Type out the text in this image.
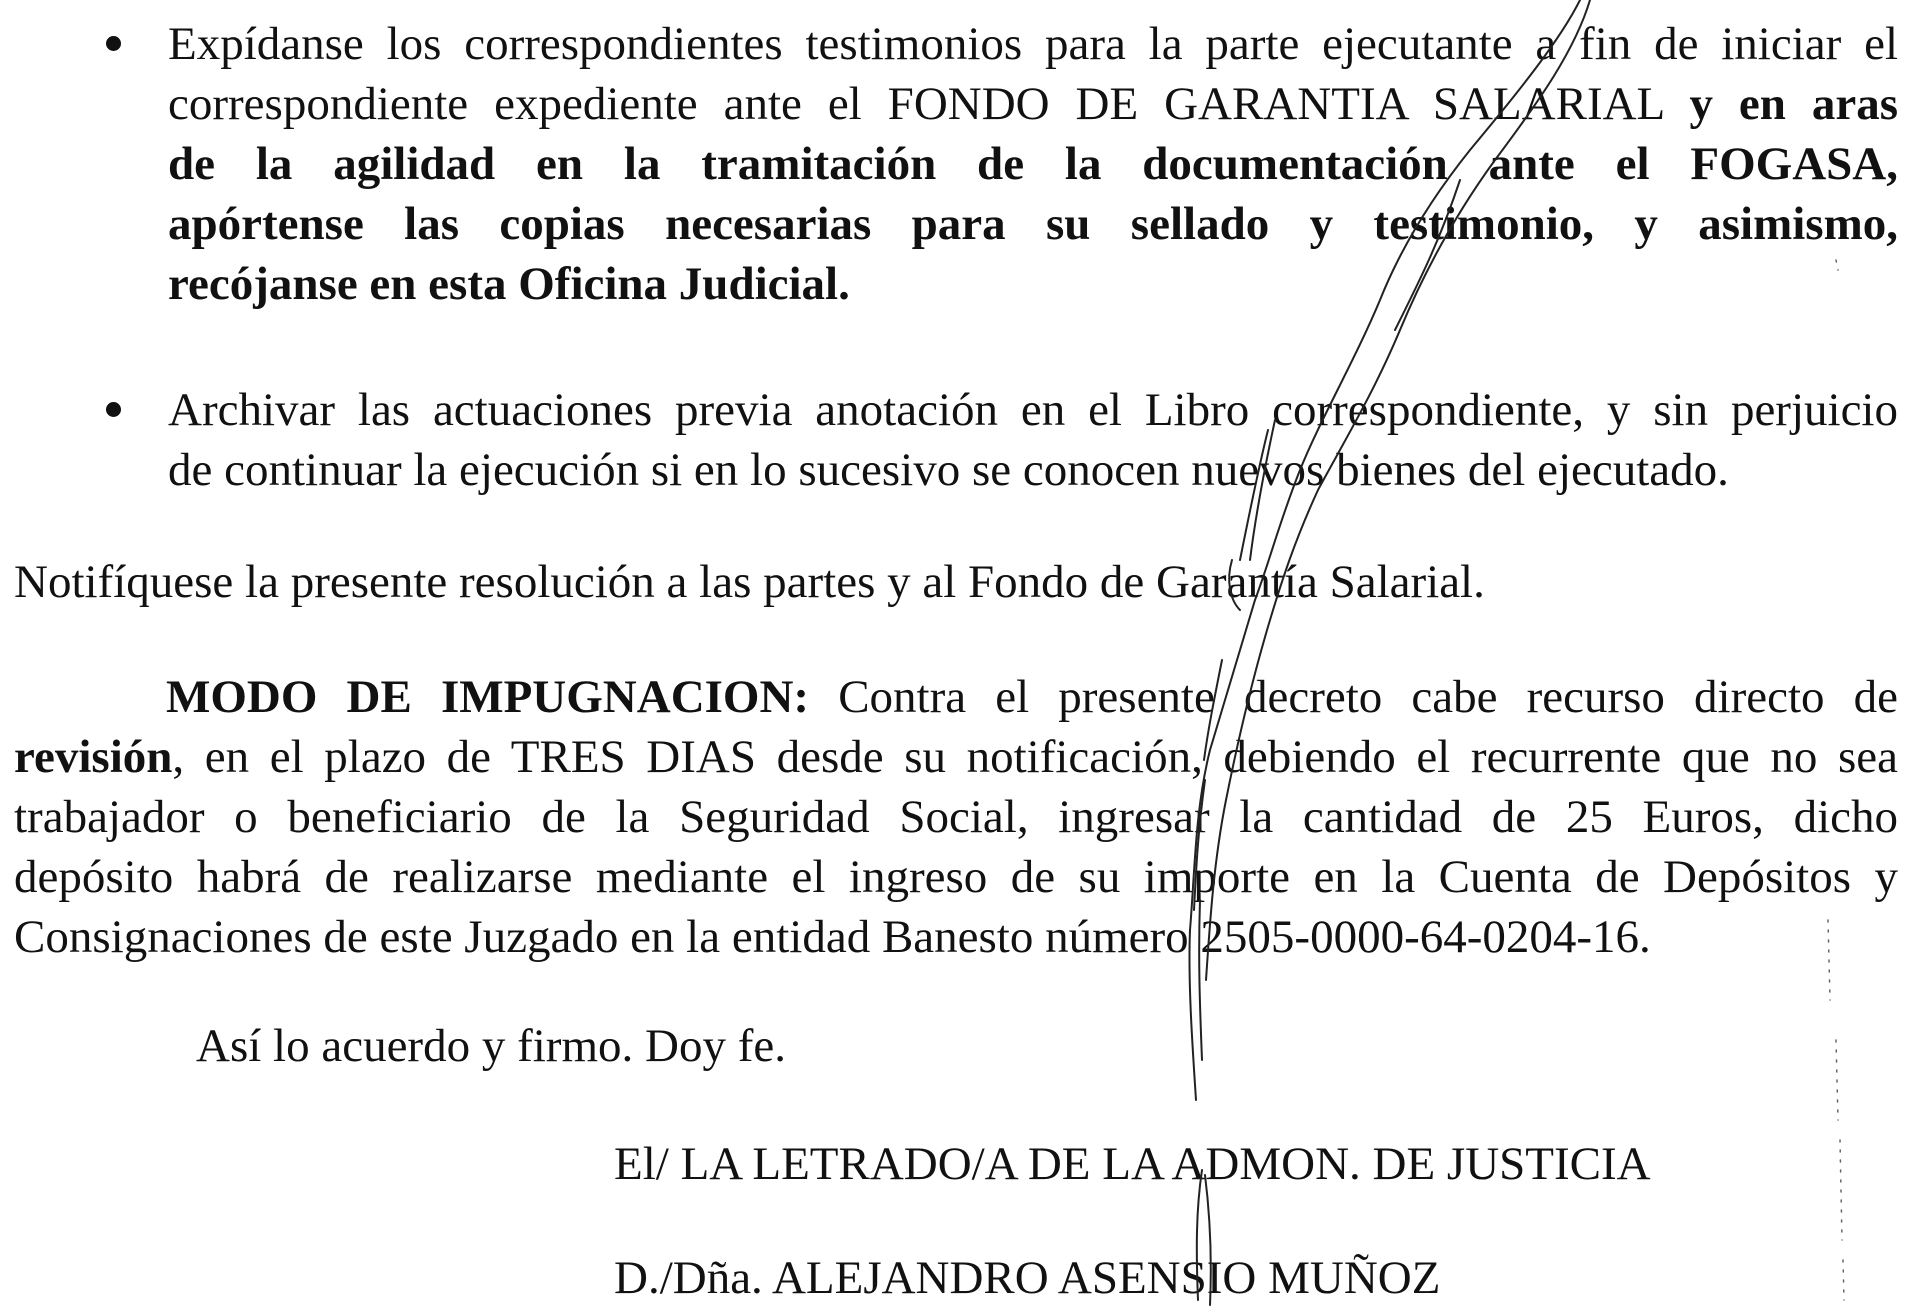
Expídanse los correspondientes testimonios para la parte ejecutante a fin de iniciar el
correspondiente expediente ante el FONDO DE GARANTIA SALARIAL y en aras
de la agilidad en la tramitación de la documentación ante el FOGASA,
apórtense las copias necesarias para su sellado y testimonio, y asimismo,
recójanse en esta Oficina Judicial.
Archivar las actuaciones previa anotación en el Libro correspondiente, y sin perjuicio
de continuar la ejecución si en lo sucesivo se conocen nuevos bienes del ejecutado.
Notifíquese la presente resolución a las partes y al Fondo de Garantía Salarial.
MODO DE IMPUGNACION: Contra el presente decreto cabe recurso directo de
revisión, en el plazo de TRES DIAS desde su notificación, debiendo el recurrente que no sea
trabajador o beneficiario de la Seguridad Social, ingresar la cantidad de 25 Euros, dicho
depósito habrá de realizarse mediante el ingreso de su importe en la Cuenta de Depósitos y
Consignaciones de este Juzgado en la entidad Banesto número 2505-0000-64-0204-16.
Así lo acuerdo y firmo. Doy fe.
El/ LA LETRADO/A DE LA ADMON. DE JUSTICIA
D./Dña. ALEJANDRO ASENSIO MUÑOZ
